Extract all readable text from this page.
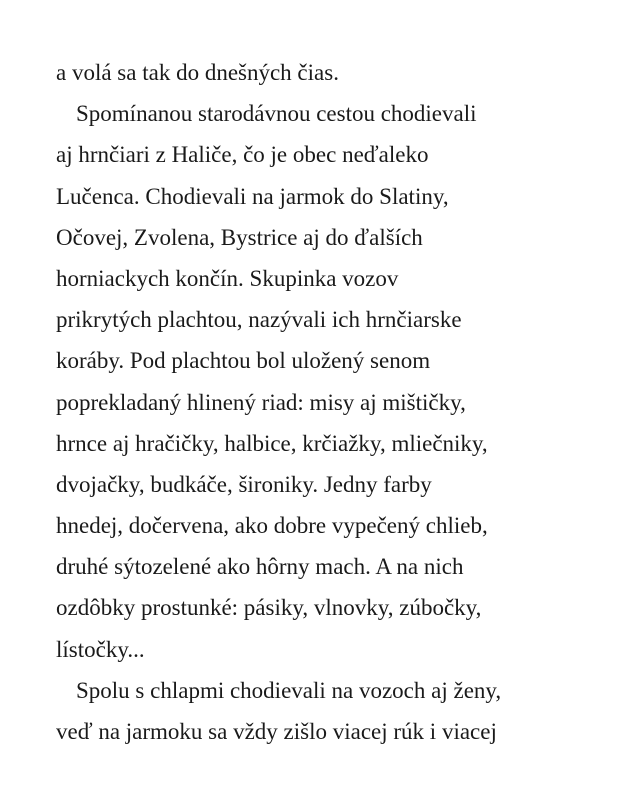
a volá sa tak do dnešných čias.
Spomínanou starodávnou cestou chodievali
aj hrnčiari z Haliče, čo je obec neďaleko
Lučenca. Chodievali na jarmok do Slatiny,
Očovej, Zvolena, Bystrice aj do ďalších
horniackych končín. Skupinka vozov
prikrytých plachtou, nazývali ich hrnčiarske
koráby. Pod plachtou bol uložený senom
poprekladaný hlinený riad: misy aj mištičky,
hrnce aj hračičky, halbice, krčiažky, mliečniky,
dvojačky, budkáče, široniky. Jedny farby
hnedej, dočervena, ako dobre vypečený chlieb,
druhé sýtozelené ako hôrny mach. A na nich
ozdôbky prostunké: pásiky, vlnovky, zúbočky,
lístočky...
Spolu s chlapmi chodievali na vozoch aj ženy,
veď na jarmoku sa vždy zišlo viacej rúk i viacej
